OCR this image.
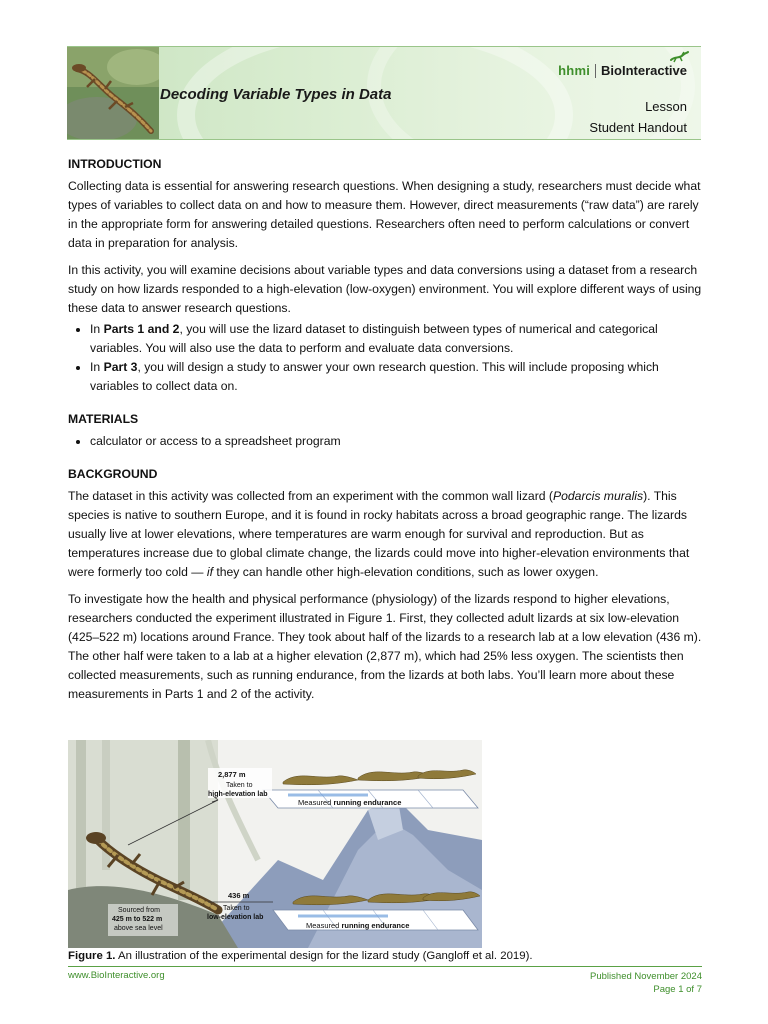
Decoding Variable Types in Data
hhmi BioInteractive
Lesson
Student Handout
INTRODUCTION

Collecting data is essential for answering research questions. When designing a study, researchers must decide what types of variables to collect data on and how to measure them. However, direct measurements (“raw data”) are rarely in the appropriate form for answering detailed questions. Researchers often need to perform calculations or convert data in preparation for analysis.

In this activity, you will examine decisions about variable types and data conversions using a dataset from a research study on how lizards responded to a high-elevation (low-oxygen) environment. You will explore different ways of using these data to answer research questions.

• In Parts 1 and 2, you will use the lizard dataset to distinguish between types of numerical and categorical variables. You will also use the data to perform and evaluate data conversions.
• In Part 3, you will design a study to answer your own research question. This will include proposing which variables to collect data on.
MATERIALS
• calculator or access to a spreadsheet program
BACKGROUND

The dataset in this activity was collected from an experiment with the common wall lizard (Podarcis muralis). This species is native to southern Europe, and it is found in rocky habitats across a broad geographic range. The lizards usually live at lower elevations, where temperatures are warm enough for survival and reproduction. But as temperatures increase due to global climate change, the lizards could move into higher-elevation environments that were formerly too cold — if they can handle other high-elevation conditions, such as lower oxygen.

To investigate how the health and physical performance (physiology) of the lizards respond to higher elevations, researchers conducted the experiment illustrated in Figure 1. First, they collected adult lizards at six low-elevation (425–522 m) locations around France. They took about half of the lizards to a research lab at a low elevation (436 m). The other half were taken to a lab at a higher elevation (2,877 m), which had 25% less oxygen. The scientists then collected measurements, such as running endurance, from the lizards at both labs. You’ll learn more about these measurements in Parts 1 and 2 of the activity.

2,877 m
Taken to
high-elevation lab
Measured running endurance
436 m
Taken to
low-elevation lab
Measured running endurance
Sourced from
425 m to 522 m
above sea level
Figure 1. An illustration of the experimental design for the lizard study (Gangloff et al. 2019).
www.BioInteractive.org	Published November 2024
Page 1 of 7
